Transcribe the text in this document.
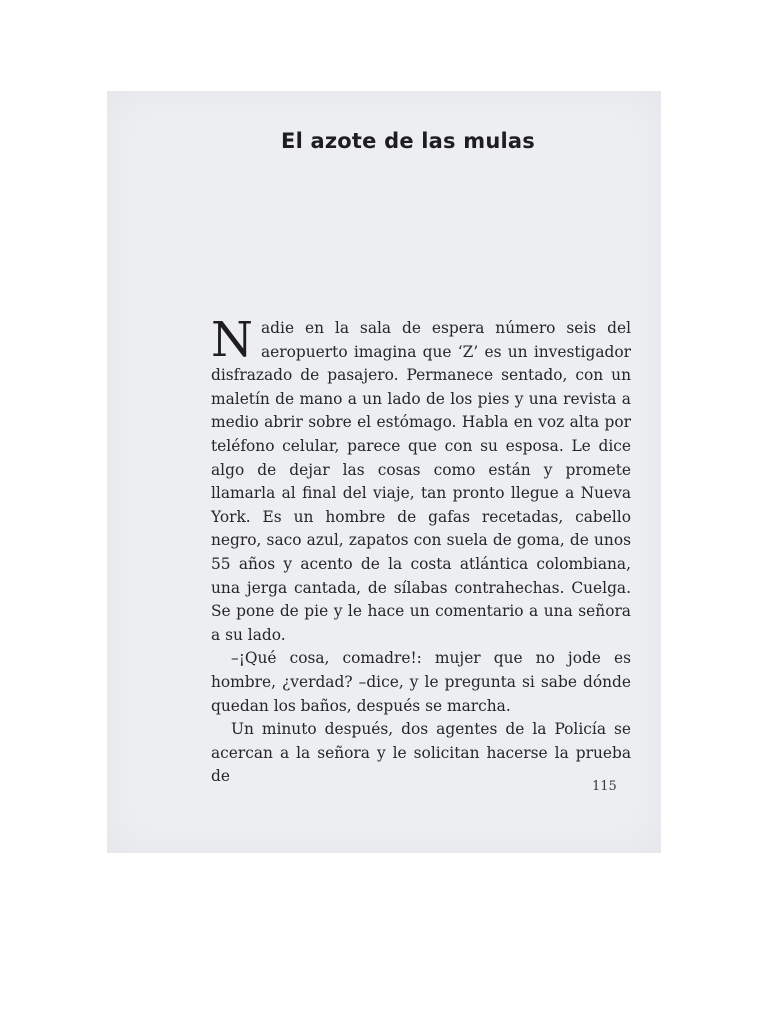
El azote de las mulas

Nadie en la sala de espera número seis del aeropuerto imagina que ‘Z’ es un investigador disfrazado de pasajero. Permanece sentado, con un maletín de mano a un lado de los pies y una revista a medio abrir sobre el estómago. Habla en voz alta por teléfono celular, parece que con su esposa. Le dice algo de dejar las cosas como están y promete llamarla al final del viaje, tan pronto llegue a Nueva York. Es un hombre de gafas recetadas, cabello negro, saco azul, zapatos con suela de goma, de unos 55 años y acento de la costa atlántica colombiana, una jerga cantada, de sílabas contrahechas. Cuelga. Se pone de pie y le hace un comentario a una señora a su lado.

–¡Qué cosa, comadre!: mujer que no jode es hombre, ¿verdad? –dice, y le pregunta si sabe dónde quedan los baños, después se marcha.

Un minuto después, dos agentes de la Policía se acercan a la señora y le solicitan hacerse la prueba de

115
